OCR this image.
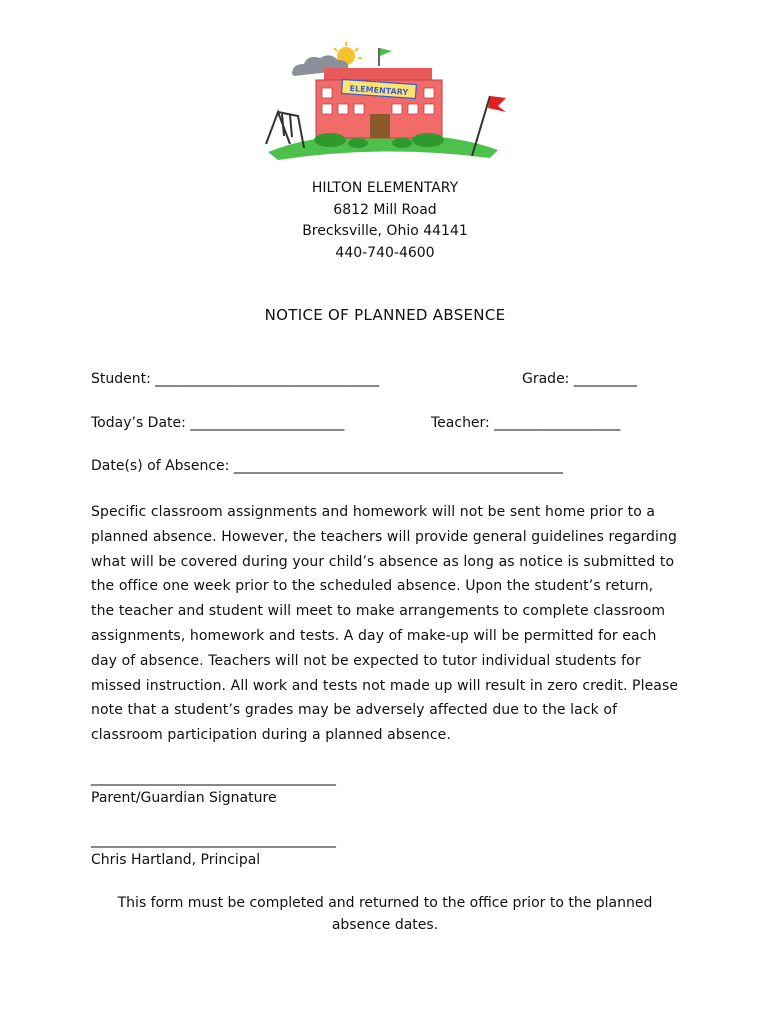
ELEMENTARY
HILTON ELEMENTARY
6812 Mill Road
Brecksville, Ohio 44141
440-740-4600
NOTICE OF PLANNED ABSENCE
Student: ________________________________	Grade: _________
Today’s Date: ______________________	Teacher: __________________
Date(s) of Absence: _______________________________________________
Specific classroom assignments and homework will not be sent home prior to a planned absence. However, the teachers will provide general guidelines regarding what will be covered during your child’s absence as long as notice is submitted to the office one week prior to the scheduled absence. Upon the student’s return, the teacher and student will meet to make arrangements to complete classroom assignments, homework and tests. A day of make-up will be permitted for each day of absence. Teachers will not be expected to tutor individual students for missed instruction. All work and tests not made up will result in zero credit. Please note that a student’s grades may be adversely affected due to the lack of classroom participation during a planned absence.
___________________________________
Parent/Guardian Signature
___________________________________
Chris Hartland, Principal
This form must be completed and returned to the office prior to the planned absence dates.
